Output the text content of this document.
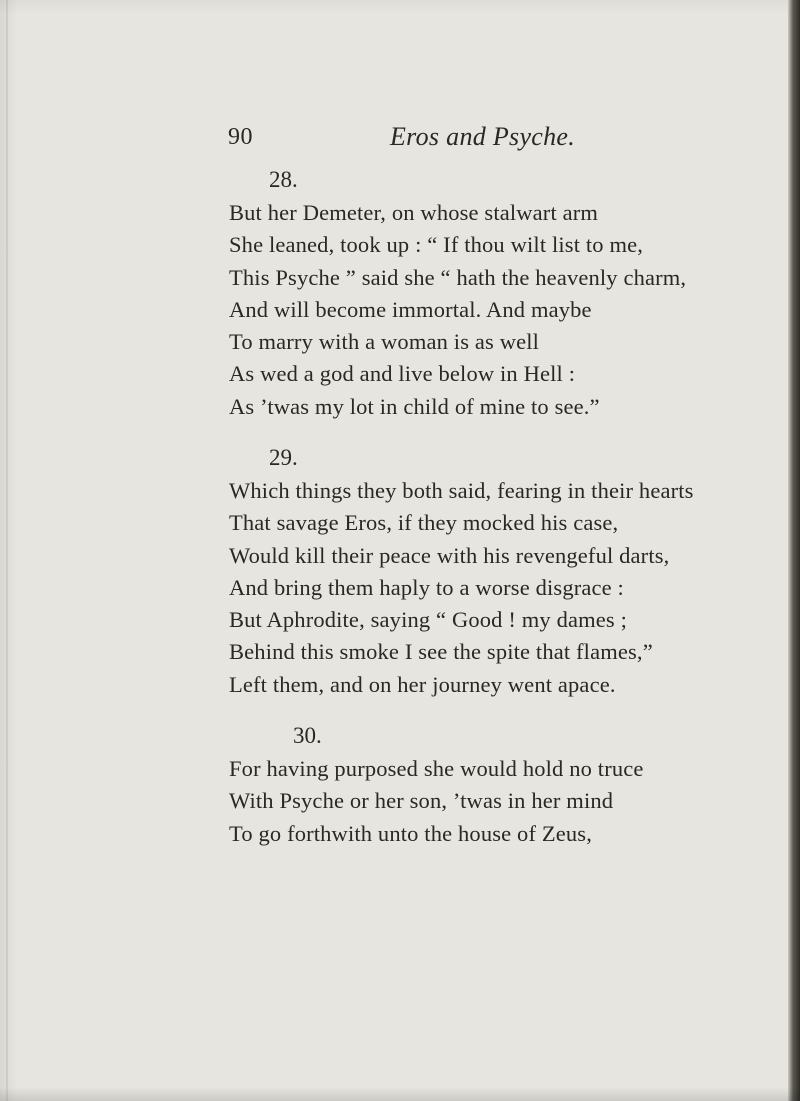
90	Eros and Psyche.
28.
But her Demeter, on whose stalwart arm
She leaned, took up : “ If thou wilt list to me,
This Psyche ” said she “ hath the heavenly charm,
And will become immortal. And maybe
To marry with a woman is as well
As wed a god and live below in Hell :
As ’twas my lot in child of mine to see.”
29.
Which things they both said, fearing in their hearts
That savage Eros, if they mocked his case,
Would kill their peace with his revengeful darts,
And bring them haply to a worse disgrace :
But Aphrodite, saying “ Good ! my dames ;
Behind this smoke I see the spite that flames,”
Left them, and on her journey went apace.
30.
For having purposed she would hold no truce
With Psyche or her son, ’twas in her mind
To go forthwith unto the house of Zeus,
